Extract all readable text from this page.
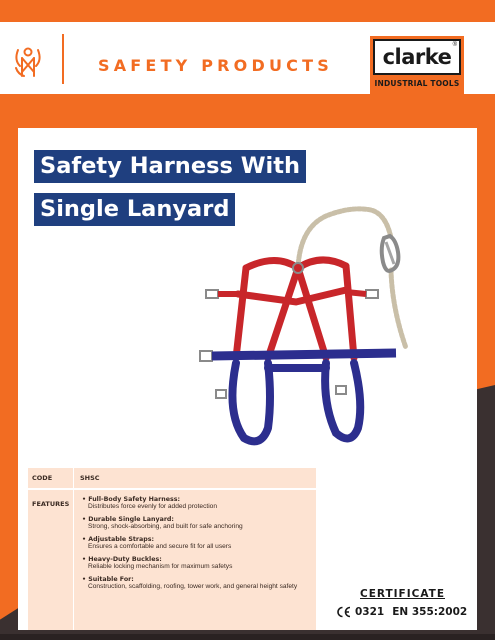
SAFETY PRODUCTS clarke ®
INDUSTRIAL TOOLS
Safety Harness With
Single Lanyard
CODE	SHSC
FEATURES
• Full-Body Safety Harness:
Distributes force evenly for added protection
• Durable Single Lanyard:
Strong, shock-absorbing, and built for safe anchoring
• Adjustable Straps:
Ensures a comfortable and secure fit for all users
• Heavy-Duty Buckles:
Reliable locking mechanism for maximum safetys
• Suitable For:
Construction, scaffolding, roofing, tower work, and general height safety
CERTIFICATE
0321 EN 355:2002
